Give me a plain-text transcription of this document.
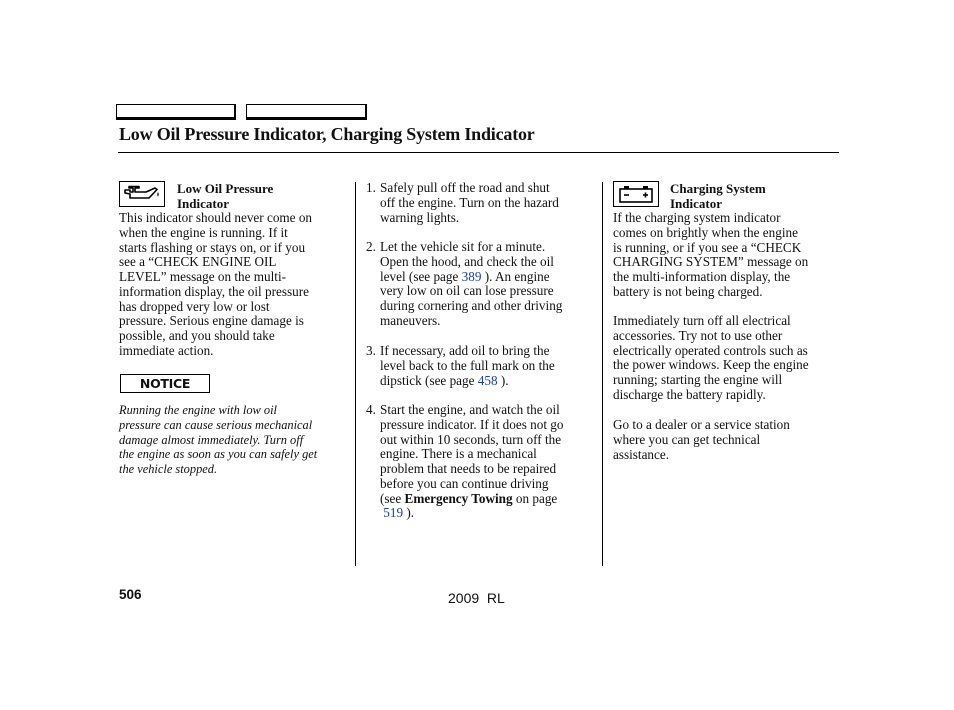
Low Oil Pressure Indicator, Charging System Indicator
Low Oil Pressure
Indicator
This indicator should never come on
when the engine is running. If it
starts flashing or stays on, or if you
see a “CHECK ENGINE OIL
LEVEL” message on the multi-
information display, the oil pressure
has dropped very low or lost
pressure. Serious engine damage is
possible, and you should take
immediate action.
NOTICE
Running the engine with low oil
pressure can cause serious mechanical
damage almost immediately. Turn off
the engine as soon as you can safely get
the vehicle stopped.
1. Safely pull off the road and shut
off the engine. Turn on the hazard
warning lights.
2. Let the vehicle sit for a minute.
Open the hood, and check the oil
level (see page 389 ). An engine
very low on oil can lose pressure
during cornering and other driving
maneuvers.
3. If necessary, add oil to bring the
level back to the full mark on the
dipstick (see page 458 ).
4. Start the engine, and watch the oil
pressure indicator. If it does not go
out within 10 seconds, turn off the
engine. There is a mechanical
problem that needs to be repaired
before you can continue driving
(see Emergency Towing on page
519 ).
Charging System
Indicator
If the charging system indicator
comes on brightly when the engine
is running, or if you see a “CHECK
CHARGING SYSTEM” message on
the multi-information display, the
battery is not being charged.
Immediately turn off all electrical
accessories. Try not to use other
electrically operated controls such as
the power windows. Keep the engine
running; starting the engine will
discharge the battery rapidly.
Go to a dealer or a service station
where you can get technical
assistance.
506	2009  RL
